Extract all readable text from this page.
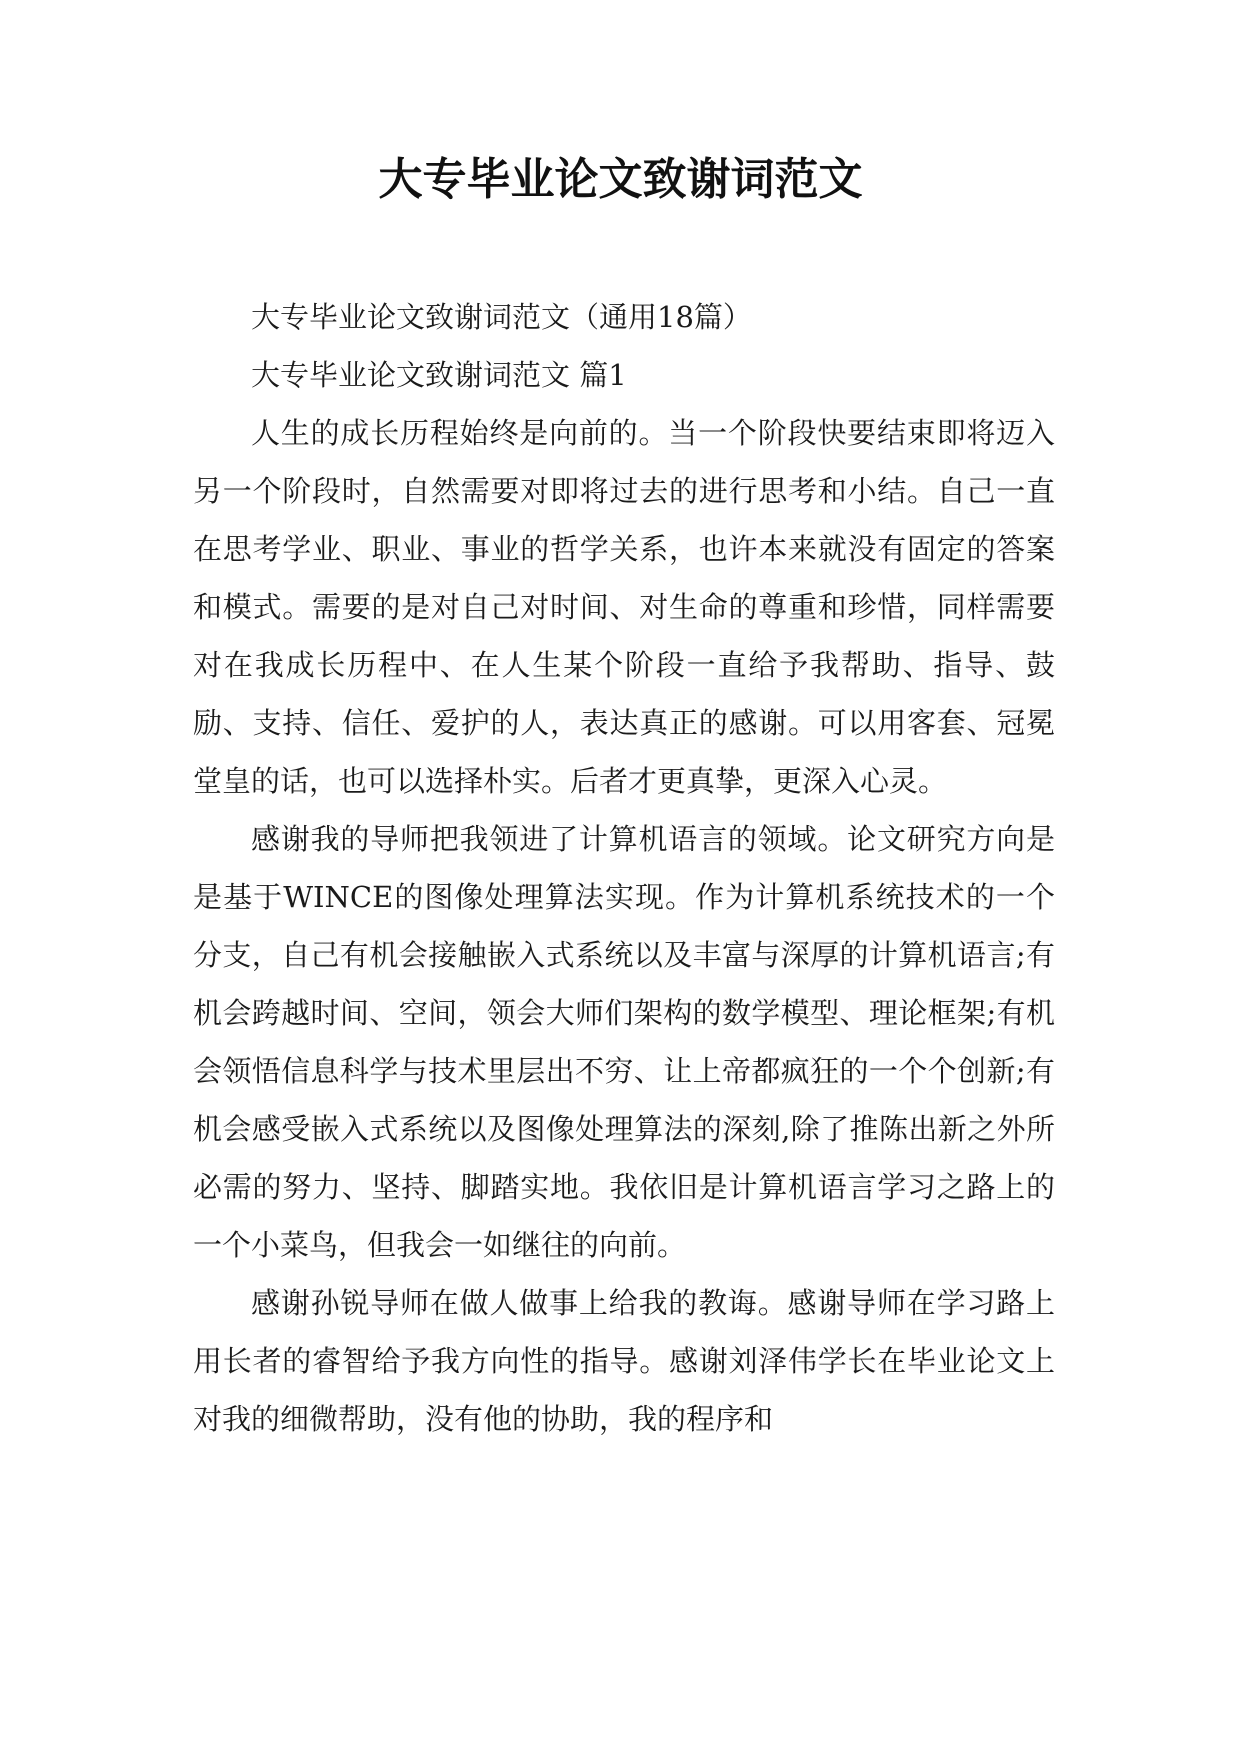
大专毕业论文致谢词范文

大专毕业论文致谢词范文（通用18篇）

大专毕业论文致谢词范文 篇1

人生的成长历程始终是向前的。当一个阶段快要结束即将迈入另一个阶段时，自然需要对即将过去的进行思考和小结。自己一直在思考学业、职业、事业的哲学关系，也许本来就没有固定的答案和模式。需要的是对自己对时间、对生命的尊重和珍惜，同样需要对在我成长历程中、在人生某个阶段一直给予我帮助、指导、鼓励、支持、信任、爱护的人，表达真正的感谢。可以用客套、冠冕堂皇的话，也可以选择朴实。后者才更真挚，更深入心灵。

感谢我的导师把我领进了计算机语言的领域。论文研究方向是是基于WINCE的图像处理算法实现。作为计算机系统技术的一个分支，自己有机会接触嵌入式系统以及丰富与深厚的计算机语言;有机会跨越时间、空间，领会大师们架构的数学模型、理论框架;有机会领悟信息科学与技术里层出不穷、让上帝都疯狂的一个个创新;有机会感受嵌入式系统以及图像处理算法的深刻,除了推陈出新之外所必需的努力、坚持、脚踏实地。我依旧是计算机语言学习之路上的一个小菜鸟，但我会一如继往的向前。

感谢孙锐导师在做人做事上给我的教诲。感谢导师在学习路上用长者的睿智给予我方向性的指导。感谢刘泽伟学长在毕业论文上对我的细微帮助，没有他的协助，我的程序和
